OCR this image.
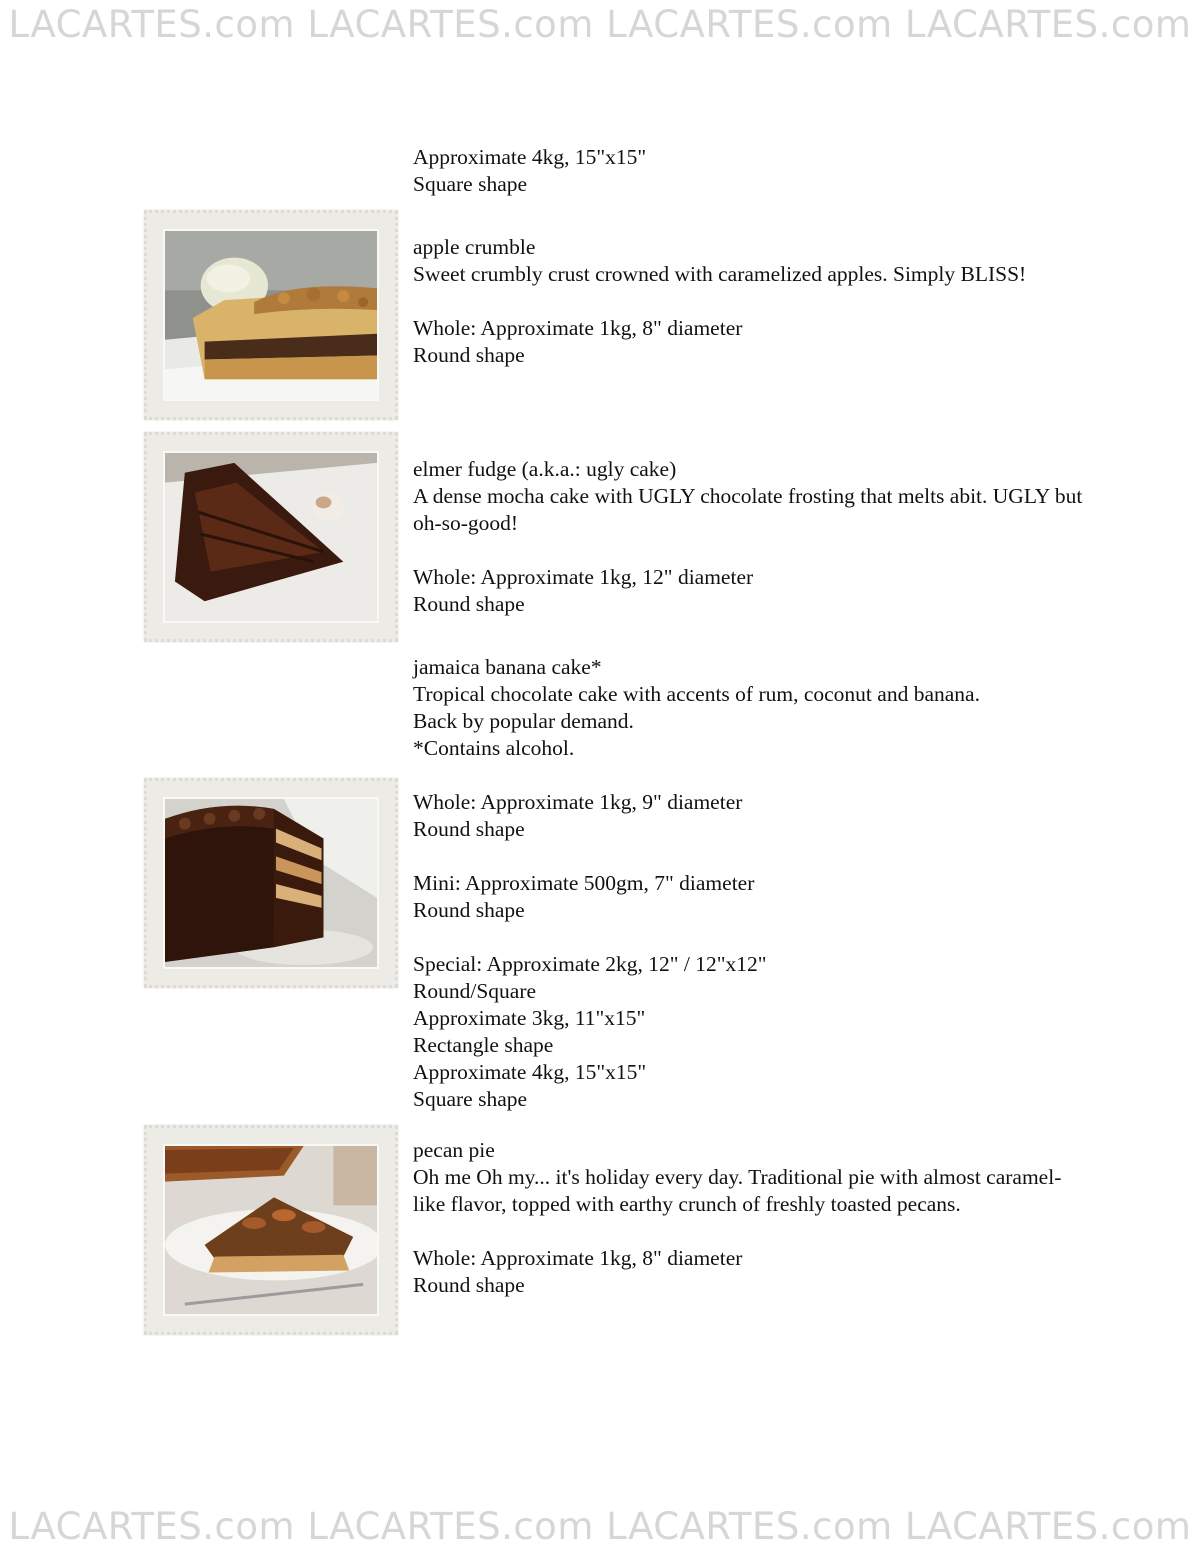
LACARTES.com LACARTES.com LACARTES.com LACARTES.com

Approximate 4kg, 15"x15"

Square shape

apple crumble

Sweet crumbly crust crowned with caramelized apples. Simply BLISS!

Whole: Approximate 1kg, 8" diameter

Round shape

elmer fudge (a.k.a.: ugly cake)

A dense mocha cake with UGLY chocolate frosting that melts abit. UGLY but oh-so-good!

Whole: Approximate 1kg, 12" diameter

Round shape

jamaica banana cake*

Tropical chocolate cake with accents of rum, coconut and banana.

Back by popular demand.

*Contains alcohol.

Whole: Approximate 1kg, 9" diameter

Round shape

Mini: Approximate 500gm, 7" diameter

Round shape

Special: Approximate 2kg, 12" / 12"x12"

Round/Square

Approximate 3kg, 11"x15"

Rectangle shape

Approximate 4kg, 15"x15"

Square shape

pecan pie

Oh me Oh my... it's holiday every day. Traditional pie with almost caramel-like flavor, topped with earthy crunch of freshly toasted pecans.

Whole: Approximate 1kg, 8" diameter

Round shape

LACARTES.com LACARTES.com LACARTES.com LACARTES.com
